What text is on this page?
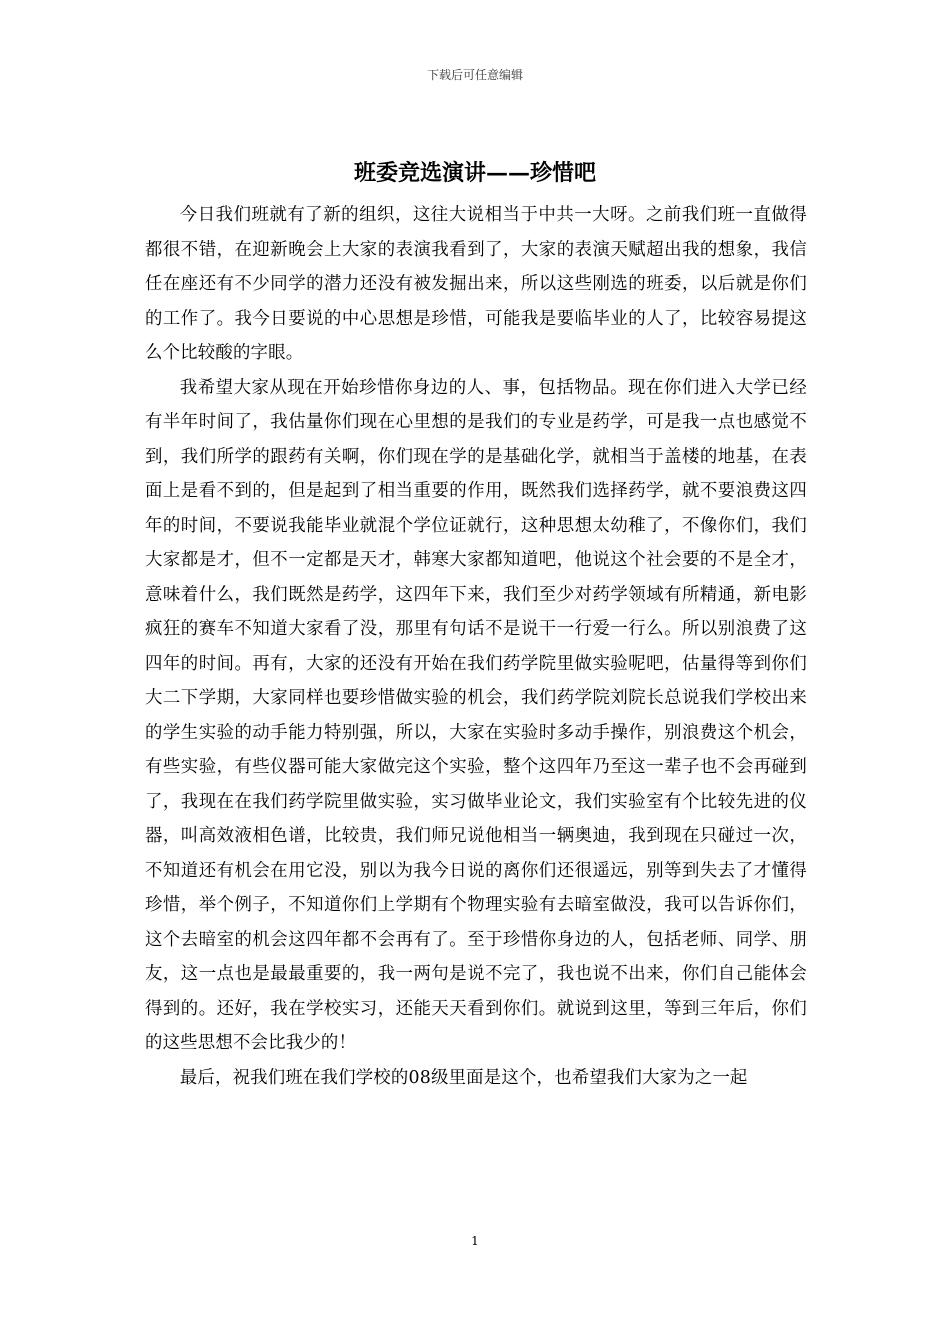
下载后可任意编辑
班委竞选演讲——珍惜吧

今日我们班就有了新的组织，这往大说相当于中共一大呀。之前我们班一直做得都很不错，在迎新晚会上大家的表演我看到了，大家的表演天赋超出我的想象，我信任在座还有不少同学的潜力还没有被发掘出来，所以这些刚选的班委，以后就是你们的工作了。我今日要说的中心思想是珍惜，可能我是要临毕业的人了，比较容易提这么个比较酸的字眼。

我希望大家从现在开始珍惜你身边的人、事，包括物品。现在你们进入大学已经有半年时间了，我估量你们现在心里想的是我们的专业是药学，可是我一点也感觉不到，我们所学的跟药有关啊，你们现在学的是基础化学，就相当于盖楼的地基，在表面上是看不到的，但是起到了相当重要的作用，既然我们选择药学，就不要浪费这四年的时间，不要说我能毕业就混个学位证就行，这种思想太幼稚了，不像你们，我们大家都是才，但不一定都是天才，韩寒大家都知道吧，他说这个社会要的不是全才，意味着什么，我们既然是药学，这四年下来，我们至少对药学领域有所精通，新电影疯狂的赛车不知道大家看了没，那里有句话不是说干一行爱一行么。所以别浪费了这四年的时间。再有，大家的还没有开始在我们药学院里做实验呢吧，估量得等到你们大二下学期，大家同样也要珍惜做实验的机会，我们药学院刘院长总说我们学校出来的学生实验的动手能力特别强，所以，大家在实验时多动手操作，别浪费这个机会，有些实验，有些仪器可能大家做完这个实验，整个这四年乃至这一辈子也不会再碰到了，我现在在我们药学院里做实验，实习做毕业论文，我们实验室有个比较先进的仪器，叫高效液相色谱，比较贵，我们师兄说他相当一辆奥迪，我到现在只碰过一次，不知道还有机会在用它没，别以为我今日说的离你们还很遥远，别等到失去了才懂得珍惜，举个例子，不知道你们上学期有个物理实验有去暗室做没，我可以告诉你们，这个去暗室的机会这四年都不会再有了。至于珍惜你身边的人，包括老师、同学、朋友，这一点也是最最重要的，我一两句是说不完了，我也说不出来，你们自己能体会得到的。还好，我在学校实习，还能天天看到你们。就说到这里，等到三年后，你们的这些思想不会比我少的！

最后，祝我们班在我们学校的08级里面是这个，也希望我们大家为之一起

1
